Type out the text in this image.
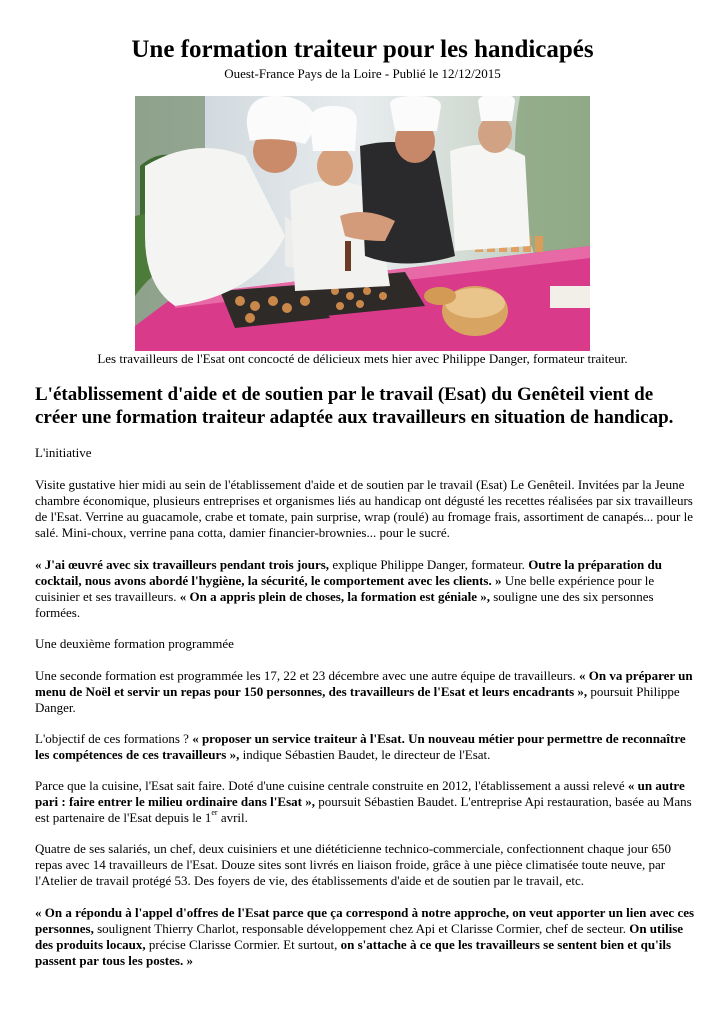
Une formation traiteur pour les handicapés
Ouest-France Pays de la Loire - Publié le 12/12/2015
Les travailleurs de l'Esat ont concocté de délicieux mets hier avec Philippe Danger, formateur traiteur.
L'établissement d'aide et de soutien par le travail (Esat) du Genêteil vient de créer une formation traiteur adaptée aux travailleurs en situation de handicap.
L'initiative
Visite gustative hier midi au sein de l'établissement d'aide et de soutien par le travail (Esat) Le Genêteil. Invitées par la Jeune chambre économique, plusieurs entreprises et organismes liés au handicap ont dégusté les recettes réalisées par six travailleurs de l'Esat. Verrine au guacamole, crabe et tomate, pain surprise, wrap (roulé) au fromage frais, assortiment de canapés... pour le salé. Mini-choux, verrine pana cotta, damier financier-brownies... pour le sucré.
« J'ai œuvré avec six travailleurs pendant trois jours, explique Philippe Danger, formateur. Outre la préparation du cocktail, nous avons abordé l'hygiène, la sécurité, le comportement avec les clients. » Une belle expérience pour le cuisinier et ses travailleurs. « On a appris plein de choses, la formation est géniale », souligne une des six personnes formées.
Une deuxième formation programmée
Une seconde formation est programmée les 17, 22 et 23 décembre avec une autre équipe de travailleurs. « On va préparer un menu de Noël et servir un repas pour 150 personnes, des travailleurs de l'Esat et leurs encadrants », poursuit Philippe Danger.
L'objectif de ces formations ? « proposer un service traiteur à l'Esat. Un nouveau métier pour permettre de reconnaître les compétences de ces travailleurs », indique Sébastien Baudet, le directeur de l'Esat.
Parce que la cuisine, l'Esat sait faire. Doté d'une cuisine centrale construite en 2012, l'établissement a aussi relevé « un autre pari : faire entrer le milieu ordinaire dans l'Esat », poursuit Sébastien Baudet. L'entreprise Api restauration, basée au Mans est partenaire de l'Esat depuis le 1er avril.
Quatre de ses salariés, un chef, deux cuisiniers et une diététicienne technico-commerciale, confectionnent chaque jour 650 repas avec 14 travailleurs de l'Esat. Douze sites sont livrés en liaison froide, grâce à une pièce climatisée toute neuve, par l'Atelier de travail protégé 53. Des foyers de vie, des établissements d'aide et de soutien par le travail, etc.
« On a répondu à l'appel d'offres de l'Esat parce que ça correspond à notre approche, on veut apporter un lien avec ces personnes, soulignent Thierry Charlot, responsable développement chez Api et Clarisse Cormier, chef de secteur. On utilise des produits locaux, précise Clarisse Cormier. Et surtout, on s'attache à ce que les travailleurs se sentent bien et qu'ils passent par tous les postes. »
